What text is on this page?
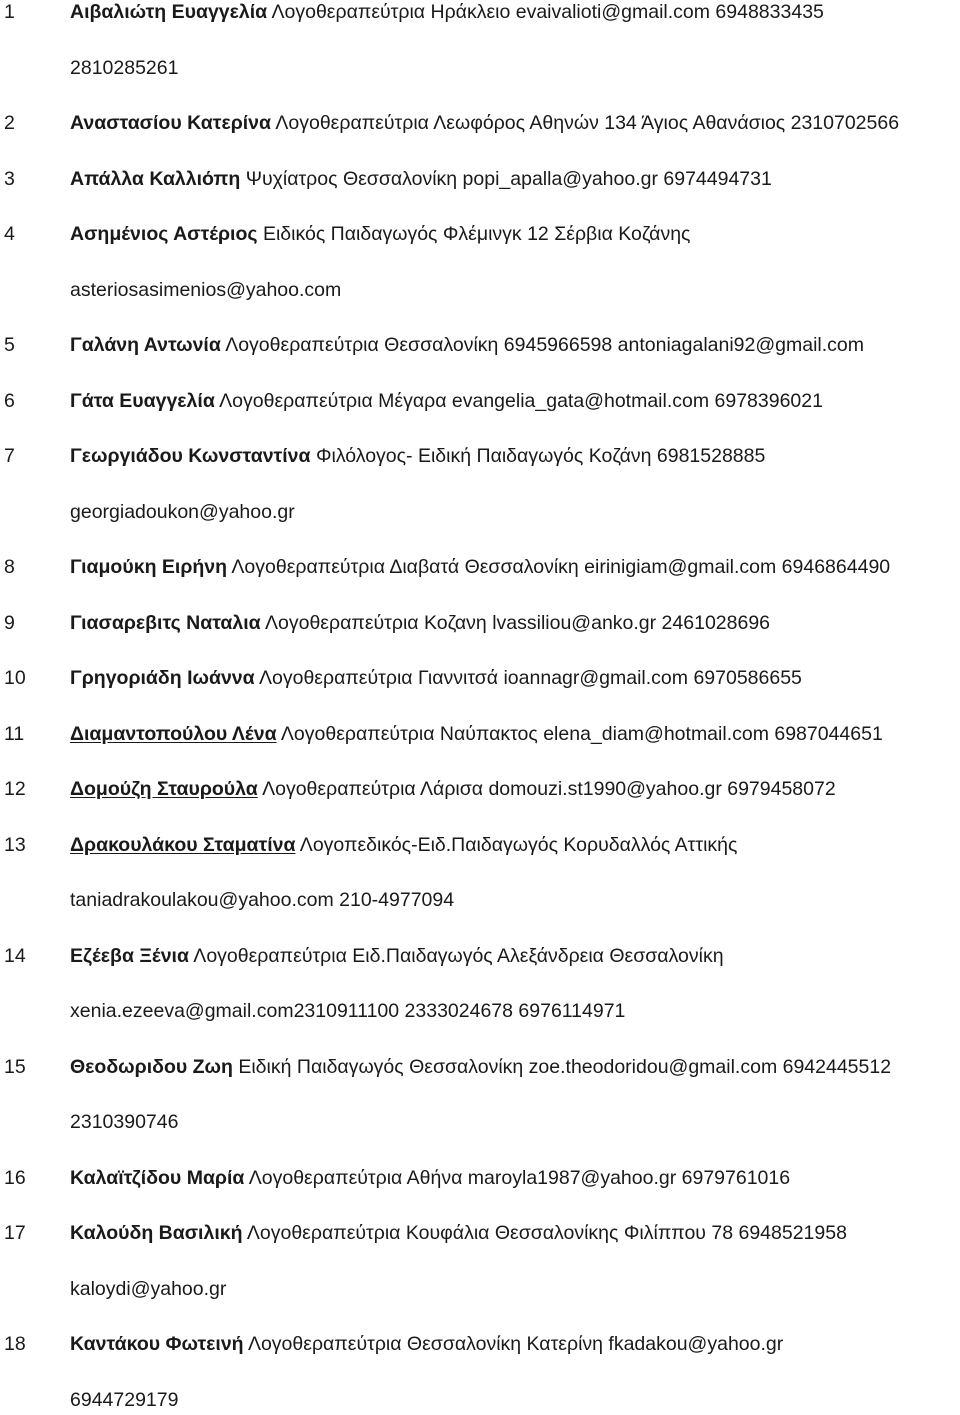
1	Αιβαλιώτη Ευαγγελία Λογοθεραπεύτρια Ηράκλειο evaivalioti@gmail.com 6948833435
2810285261
2	Αναστασίου Κατερίνα Λογοθεραπεύτρια Λεωφόρος Αθηνών 134 Άγιος Αθανάσιος 2310702566
3	Απάλλα Καλλιόπη Ψυχίατρος Θεσσαλονίκη popi_apalla@yahoo.gr 6974494731
4	Ασημένιος Αστέριος Ειδικός Παιδαγωγός Φλέμινγκ 12 Σέρβια Κοζάνης
asteriosasimenios@yahoo.com
5	Γαλάνη Αντωνία Λογοθεραπεύτρια Θεσσαλονίκη 6945966598 antoniagalani92@gmail.com
6	Γάτα Ευαγγελία Λογοθεραπεύτρια Μέγαρα evangelia_gata@hotmail.com 6978396021
7	Γεωργιάδου Κωνσταντίνα Φιλόλογος- Ειδική Παιδαγωγός Κοζάνη 6981528885
georgiadoukon@yahoo.gr
8	Γιαμούκη Ειρήνη Λογοθεραπεύτρια Διαβατά Θεσσαλονίκη eirinigiam@gmail.com 6946864490
9	Γιασαρεβιτς Ναταλια Λογοθεραπεύτρια Κοζανη lvassiliou@anko.gr 2461028696
10 Γρηγοριάδη Ιωάννα Λογοθεραπεύτρια Γιαννιτσά ioannagr@gmail.com 6970586655
11 Διαμαντοπούλου Λένα Λογοθεραπεύτρια Ναύπακτος elena_diam@hotmail.com 6987044651
12 Δομούζη Σταυρούλα Λογοθεραπεύτρια Λάρισα domouzi.st1990@yahoo.gr 6979458072
13 Δρακουλάκου Σταματίνα Λογοπεδικός-Ειδ.Παιδαγωγός Κορυδαλλός Αττικής
taniadrakoulakou@yahoo.com 210-4977094
14 Εζέεβα Ξένια Λογοθεραπεύτρια Ειδ.Παιδαγωγός Αλεξάνδρεια Θεσσαλονίκη
xenia.ezeeva@gmail.com2310911100 2333024678 6976114971
15 Θεοδωριδου Ζωη Ειδική Παιδαγωγός Θεσσαλονίκη zoe.theodoridou@gmail.com 6942445512
2310390746
16 Καλαϊτζίδου Μαρία Λογοθεραπεύτρια Αθήνα maroyla1987@yahoo.gr 6979761016
17 Καλούδη Βασιλική Λογοθεραπεύτρια Κουφάλια Θεσσαλονίκης Φιλίππου 78 6948521958
kaloydi@yahoo.gr
18 Καντάκου Φωτεινή Λογοθεραπεύτρια Θεσσαλονίκη Κατερίνη fkadakou@yahoo.gr
6944729179
